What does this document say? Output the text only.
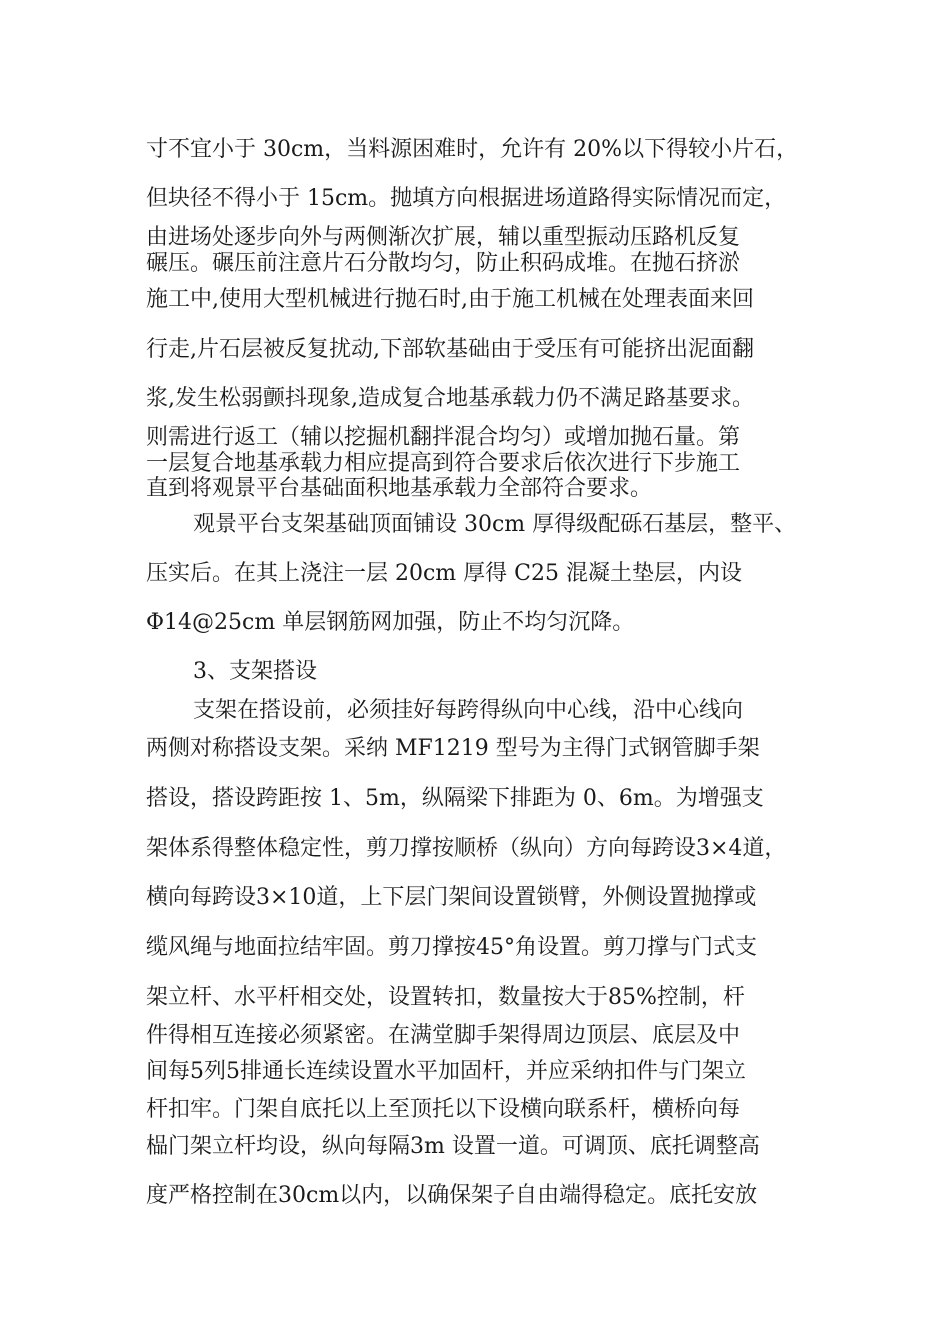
寸不宜小于 30cm，当料源困难时，允许有 20%以下得较小片石，
但块径不得小于 15cm。抛填方向根据进场道路得实际情况而定，
由进场处逐步向外与两侧渐次扩展，辅以重型振动压路机反复
碾压。碾压前注意片石分散均匀，防止积码成堆。在抛石挤淤
施工中,使用大型机械进行抛石时,由于施工机械在处理表面来回
行走,片石层被反复扰动,下部软基础由于受压有可能挤出泥面翻
浆,发生松弱颤抖现象,造成复合地基承载力仍不满足路基要求。
则需进行返工（辅以挖掘机翻拌混合均匀）或增加抛石量。第
一层复合地基承载力相应提高到符合要求后依次进行下步施工
直到将观景平台基础面积地基承载力全部符合要求。
观景平台支架基础顶面铺设 30cm 厚得级配砾石基层，整平、
压实后。在其上浇注一层 20cm 厚得 C25 混凝土垫层，内设
Φ14@25cm 单层钢筋网加强，防止不均匀沉降。
3、支架搭设
支架在搭设前，必须挂好每跨得纵向中心线，沿中心线向
两侧对称搭设支架。采纳 MF1219 型号为主得门式钢管脚手架
搭设，搭设跨距按 1、5m，纵隔梁下排距为 0、6m。为增强支
架体系得整体稳定性，剪刀撑按顺桥（纵向）方向每跨设3×4道，
横向每跨设3×10道，上下层门架间设置锁臂，外侧设置抛撑或
缆风绳与地面拉结牢固。剪刀撑按45°角设置。剪刀撑与门式支
架立杆、水平杆相交处，设置转扣，数量按大于85%控制，杆
件得相互连接必须紧密。在满堂脚手架得周边顶层、底层及中
间每5列5排通长连续设置水平加固杆，并应采纳扣件与门架立
杆扣牢。门架自底托以上至顶托以下设横向联系杆，横桥向每
榀门架立杆均设，纵向每隔3m 设置一道。可调顶、底托调整高
度严格控制在30cm以内，以确保架子自由端得稳定。底托安放
